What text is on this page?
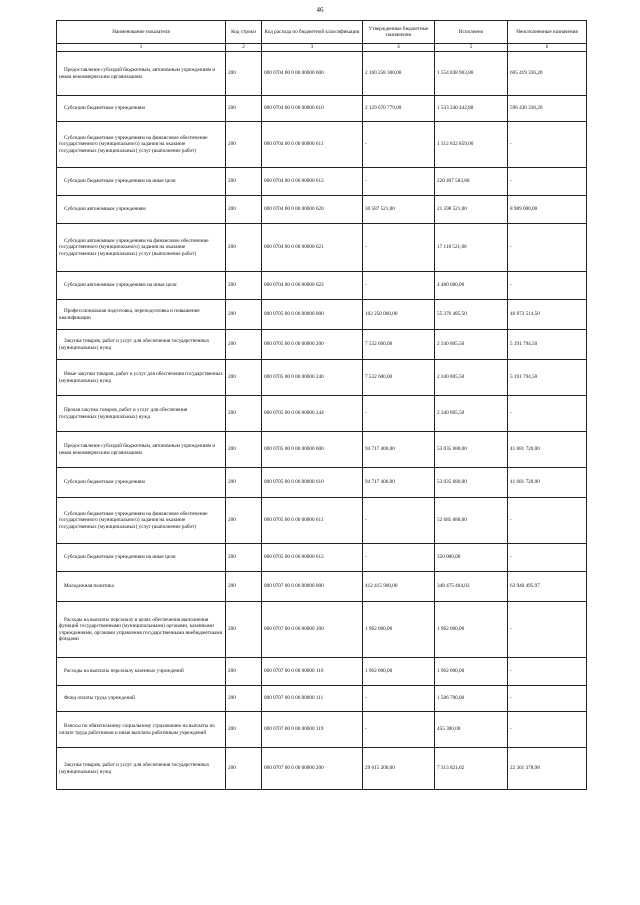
46
Наименование показателя	Код строки	Код расхода по бюджетной классификации	Утвержденные бюджетные назначения	Исполнено	Неисполненные назначения
1	2	3	4	5	6
Предоставление субсидий бюджетным, автономным учреждениям и иным некоммерческим организациям	200	000 0704 00 0 00 00000 600	2 160 258 300,00	1 554 838 963,80	605 419 336,20
Субсидии бюджетным учреждениям	200	000 0704 00 0 00 00000 610	2 129 670 779,00	1 533 240 442,80	596 430 336,20
Субсидии бюджетным учреждениям на финансовое обеспечение государственного (муниципального) задания на оказание государственных (муниципальных) услуг (выполнение работ)	200	000 0704 00 0 00 00000 611	-	1 312 832 859,00	-
Субсидии бюджетным учреждениям на иные цели	200	000 0704 00 0 00 00000 612	-	220 407 583,80	-
Субсидии автономным учреждениям	200	000 0704 00 0 00 00000 620	30 587 521,00	21 598 521,00	8 989 000,00
Субсидии автономным учреждениям на финансовое обеспечение государственного (муниципального) задания на оказание государственных (муниципальных) услуг (выполнение работ)	200	000 0704 00 0 00 00000 621	-	17 118 521,00	-
Субсидии автономным учреждениям на иные цели	200	000 0704 00 0 00 00000 622	-	4 480 000,00	-
Профессиональная подготовка, переподготовка и повышение квалификации	200	000 0705 00 0 00 00000 000	102 250 000,00	55 376 485,50	46 873 514,50
Закупка товаров, работ и услуг для обеспечения государственных (муниципальных) нужд	200	000 0705 00 0 00 00000 200	7 532 600,00	2 340 805,50	5 191 794,50
Иные закупки товаров, работ и услуг для обеспечения государственных (муниципальных) нужд	200	000 0705 00 0 00 00000 240	7 532 600,00	2 340 805,50	5 191 794,50
Прочая закупка товаров, работ и услуг для обеспечения государственных (муниципальных) нужд	200	000 0705 00 0 00 00000 244	-	2 340 805,50	-
Предоставление субсидий бюджетным, автономным учреждениям и иным некоммерческим организациям	200	000 0705 00 0 00 00000 600	94 717 400,00	53 035 680,00	41 681 720,00
Субсидии бюджетным учреждениям	200	000 0705 00 0 00 00000 610	94 717 400,00	53 035 680,00	41 681 720,00
Субсидии бюджетным учреждениям на финансовое обеспечение государственного (муниципального) задания на оказание государственных (муниципальных) услуг (выполнение работ)	200	000 0705 00 0 00 00000 611	-	52 685 680,00	-
Субсидии бюджетным учреждениям на иные цели	200	000 0705 00 0 00 00000 612	-	350 000,00	-
Молодежная политика	200	000 0707 00 0 00 00000 000	412 415 900,00	348 475 404,03	63 940 495,97
Расходы на выплаты персоналу в целях обеспечения выполнения функций государственными (муниципальными) органами, казенными учреждениями, органами управления государственными внебюджетными фондами	200	000 0707 00 0 00 00000 100	1 962 000,00	1 962 000,00	-
Расходы на выплаты персоналу казенных учреждений	200	000 0707 00 0 00 00000 110	1 962 000,00	1 962 000,00	-
Фонд оплаты труда учреждений	200	000 0707 00 0 00 00000 111	-	1 506 700,00	-
Взносы по обязательному социальному страхованию на выплаты по оплате труда работников и иные выплаты работникам учреждений	200	000 0707 00 0 00 00000 119	-	455 300,00	-
Закупка товаров, работ и услуг для обеспечения государственных (муниципальных) нужд	200	000 0707 00 0 00 00000 200	29 615 200,00	7 313 821,02	22 301 378,98
